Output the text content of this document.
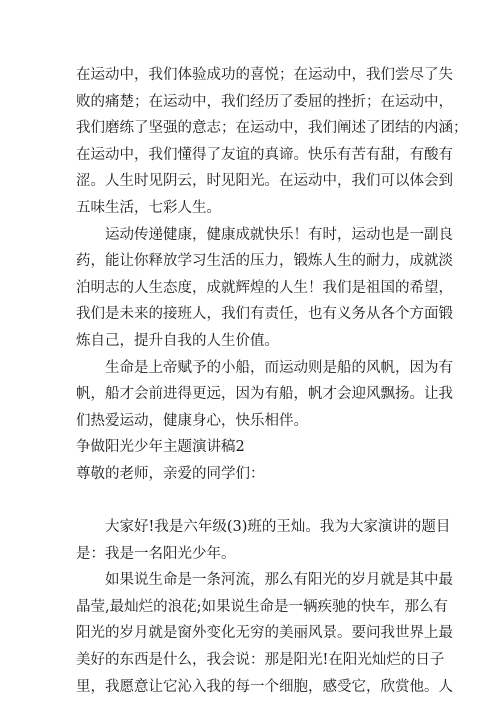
在运动中，我们体验成功的喜悦；在运动中，我们尝尽了失
败的痛楚；在运动中，我们经历了委屈的挫折；在运动中，
我们磨练了坚强的意志；在运动中，我们阐述了团结的内涵；
在运动中，我们懂得了友谊的真谛。快乐有苦有甜，有酸有
涩。人生时见阴云，时见阳光。在运动中，我们可以体会到
五味生活，七彩人生。
运动传递健康，健康成就快乐！有时，运动也是一副良
药，能让你释放学习生活的压力，锻炼人生的耐力，成就淡
泊明志的人生态度，成就辉煌的人生！我们是祖国的希望，
我们是未来的接班人，我们有责任，也有义务从各个方面锻
炼自己，提升自我的人生价值。
生命是上帝赋予的小船，而运动则是船的风帆，因为有
帆，船才会前进得更远，因为有船，帆才会迎风飘扬。让我
们热爱运动，健康身心，快乐相伴。
争做阳光少年主题演讲稿2
尊敬的老师，亲爱的同学们：
大家好!我是六年级(3)班的王灿。我为大家演讲的题目
是：我是一名阳光少年。
如果说生命是一条河流，那么有阳光的岁月就是其中最
晶莹,最灿烂的浪花;如果说生命是一辆疾驰的快车，那么有
阳光的岁月就是窗外变化无穷的美丽风景。要问我世界上最
美好的东西是什么，我会说：那是阳光!在阳光灿烂的日子
里，我愿意让它沁入我的每一个细胞，感受它，欣赏他。人
